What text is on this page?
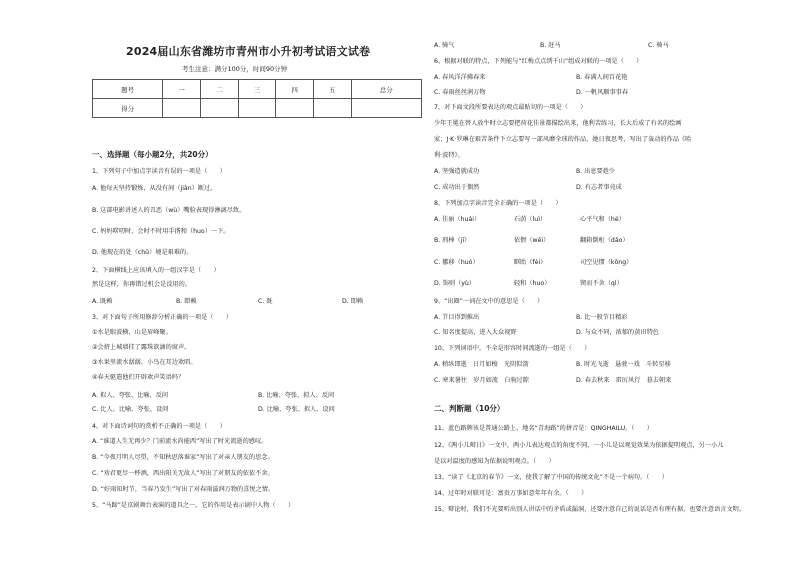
2024届山东省潍坊市青州市小升初考试语文试卷
考生注意：满分100分，时间90分钟
题号	一	二	三	四	五	总分
得分						
一、选择题（每小题2分，共20分）
1、下列句子中加点字读音有误的一项是（　　）
A. 他每天坚持锻炼，从没有间（jiàn）断过。
B. 这部电影讲述人的丑恶（wù）嘴脸表现得淋漓尽致。
C. 妈妈唠叨时，会时不时用手揩和（huo）一下。
D. 他现在的处（chǔ）境是艰难的。
2、下面横线上应该填入的一组汉字是（　　）
然是这样，你再错过机会是没用的。
A. 既赖	B. 即赖	C. 既	D. 即赖
3、对下面句子所用修辞分析正确的一项是（　　）
①水是眼波横，山是眉峰聚。
②会挤上城墙挂了露珠欲滴的窗声。
③水果里流水潺潺，小鸟在耳边欢唱。
④春天驱遣他们开辟欢声笑语吗？
A. 拟人、夸张、比喻、反问	B. 比喻、夸张、拟人、反问
C. 比人、比喻、夸张、设问	D. 比喻、夸张、拟人、设问
4、对下面诗词句的赏析不正确的一项是（　　）
A. “谁道人生无再少？门前流水尚能西”写出了时光流逝的感叹。
B. “今夜月明人尽望，不知秋思落谁家”写出了对亲人朋友的思念。
C. “劝君更尽一杯酒，西出阳关无故人”写出了对朋友的依依不舍。
D. “好雨知时节，当春乃发生”写出了对春雨滋润万物的喜悦之情。
5、“马蹄”是京剧舞台表演的道具之一，它的作用是表示剧中人物（　　）
A. 骑气	B. 赶马	C. 骑马
6、根据对联的特点，下列能与“红梅点点绣千山”组成对联的一项是（　　）
A. 春风洋洋拂春来	B. 春满人间百花艳
C. 春雨丝丝润万物	D. 一帆风顺事事春
7、对下面文段所要表达的观点最贴切的一项是（　　）
少年王冕在替人放牛时立志要把荷花佳景都描绘出来，他利苦练习，长大后成了有名的绘画
家；J·K·罗琳在艰苦条件下立志要写一部风靡全球的作品，她日夜思考，写出了轰动的作品《哈
利·波特》。
A. 坚强造就成功	B. 出息要趁少
C. 成功出于偶然	D. 有志者事竟成
8、下列加点字读音完全正确的一项是（　　）
A. 佳丽（huái）	石荫（luì）	心平气和（hé）
B. 刑棒（jī）	依偎（wēi）	翻箱倒柜（dǎo）
C. 挪移（huó）	眶眙（fèi）	司空见惯（kōng）
D. 饰则（yù）	轻和（huo）	锲而不舍（qì）
9、“出圈”一词在文中的意思是（　　）
A. 节目得到推出	B. 比一般节目精彩
C. 知名度提高，进入大众视野	D. 与众不同，浓郁的黄田特色
10、下列词语中，不全是形容时间流逝的一组是（　　）
A. 稍纵即逝　日月如梭　光阴似箭	B. 时光飞逝　悬驶一戏　斗转星移
C. 寒来暑往　岁月如流　白驹过隙	D. 春去秋来　雷厉风行　暮去朝来
二、判断题（10分）
11、蓝色路牌该是普通公路上，地名“青海路”的拼音是：QINGHAILU。（　　）
12、《两小儿辩日》一文中，两小儿表达观点的角度不同，一小儿是以观觉效果为依据提明观点，另一小儿
是以对温度的感知为依据说明观点。（　　）
13、“读了《北京的春节》一文，使我了解了中国的传统文化”不是一个病句。（　　）
14、过年时对联可是：富贵万事如意年年有余。（　　）
15、辩论时，我们不光要听出别人讲话中的矛盾或漏洞，还要注意自己的说话是否有理有据，也要注意语言文明。
